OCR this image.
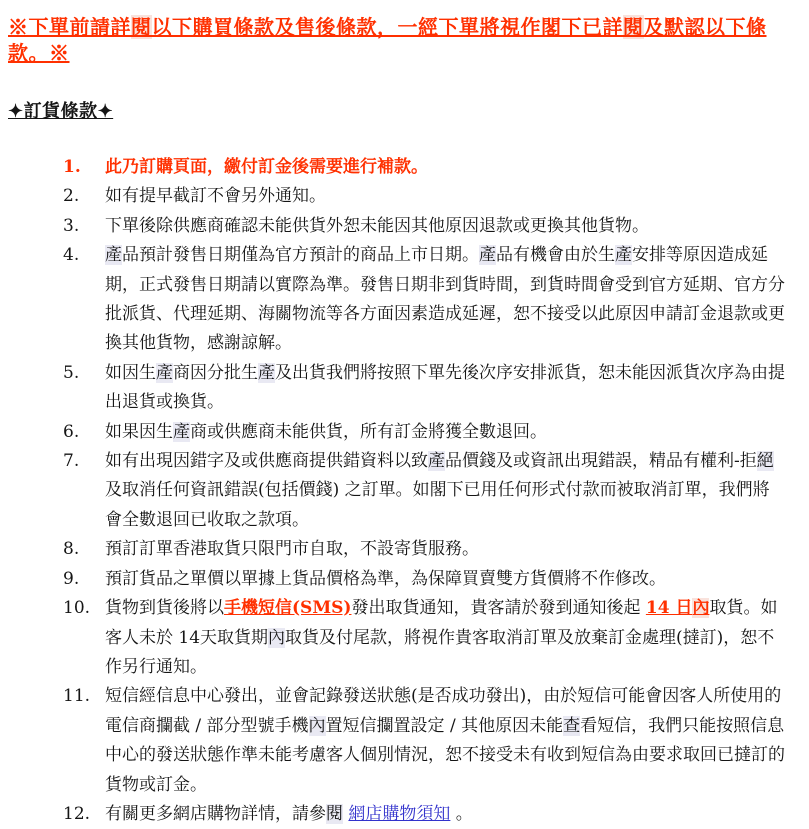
※下單前請詳閱以下購買條款及售後條款，一經下單將視作閣下已詳閱及默認以下條款。※
✦訂貨條款✦
1. 此乃訂購頁面，繳付訂金後需要進行補款。
2. 如有提早截訂不會另外通知。
3. 下單後除供應商確認未能供貨外恕未能因其他原因退款或更換其他貨物。
4. 產品預計發售日期僅為官方預計的商品上市日期。產品有機會由於生產安排等原因造成延期，正式發售日期請以實際為準。發售日期非到貨時間，到貨時間會受到官方延期、官方分批派貨、代理延期、海關物流等各方面因素造成延遲，恕不接受以此原因申請訂金退款或更換其他貨物，感謝諒解。
5. 如因生產商因分批生產及出貨我們將按照下單先後次序安排派貨，恕未能因派貨次序為由提出退貨或換貨。
6. 如果因生產商或供應商未能供貨，所有訂金將獲全數退回。
7. 如有出現因錯字及或供應商提供錯資料以致產品價錢及或資訊出現錯誤，精品有權利-拒絕及取消任何資訊錯誤(包括價錢) 之訂單。如閣下已用任何形式付款而被取消訂單，我們將會全數退回已收取之款項。
8. 預訂訂單香港取貨只限門市自取，不設寄貨服務。
9. 預訂貨品之單價以單據上貨品價格為準，為保障買賣雙方貨價將不作修改。
10. 貨物到貨後將以手機短信(SMS)發出取貨通知，貴客請於發到通知後起 14 日內取貨。如客人未於 14天取貨期內取貨及付尾款，將視作貴客取消訂單及放棄訂金處理(撻訂)，恕不作另行通知。
11. 短信經信息中心發出，並會記錄發送狀態(是否成功發出)，由於短信可能會因客人所使用的電信商攔截 / 部分型號手機內置短信攔置設定 / 其他原因未能查看短信，我們只能按照信息中心的發送狀態作準未能考慮客人個別情況，恕不接受未有收到短信為由要求取回已撻訂的貨物或訂金。
12. 有關更多網店購物詳情，請參閱 網店購物須知 。
